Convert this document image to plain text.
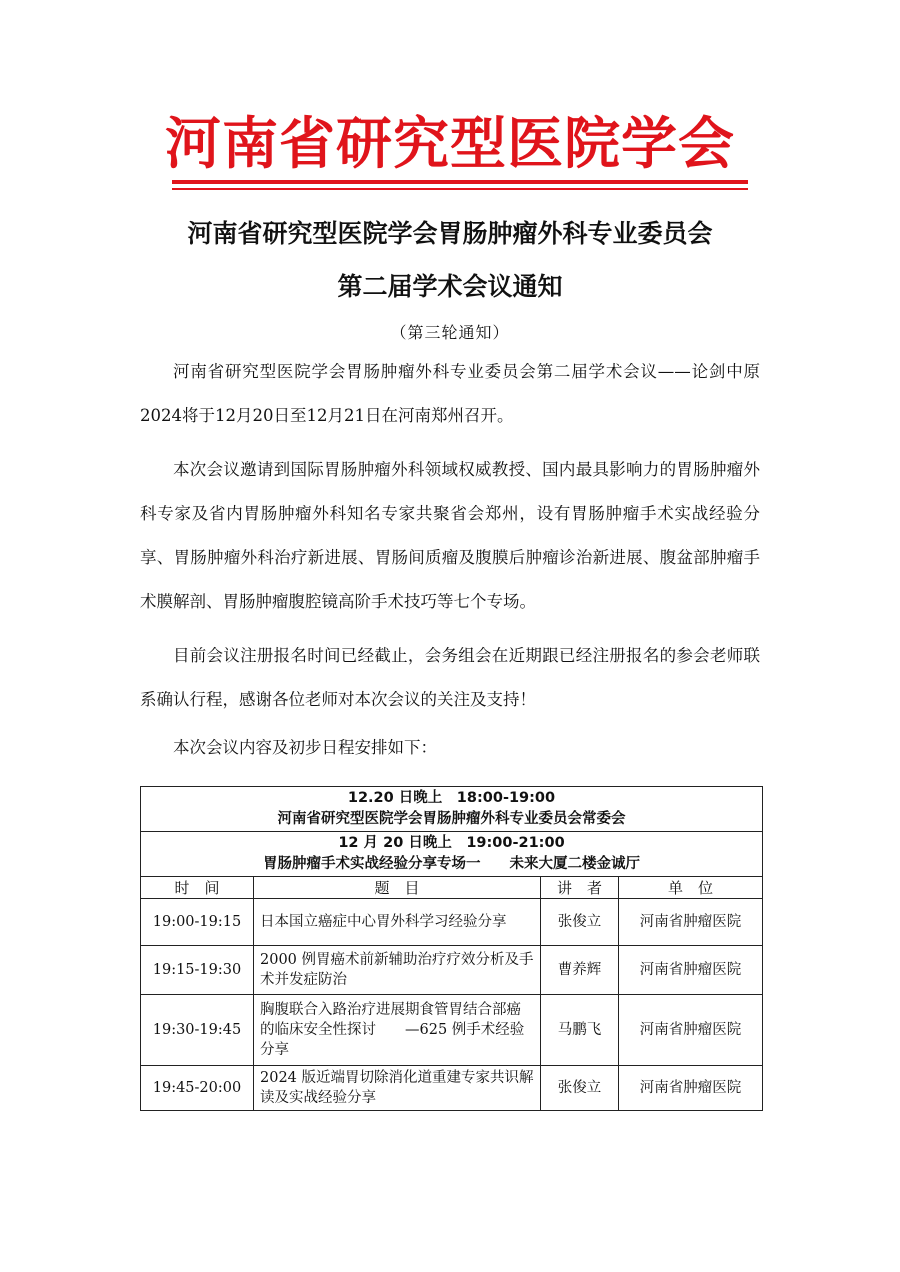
河南省研究型医院学会
河南省研究型医院学会胃肠肿瘤外科专业委员会
第二届学术会议通知
（第三轮通知）
河南省研究型医院学会胃肠肿瘤外科专业委员会第二届学术会议——论剑中原2024将于12月20日至12月21日在河南郑州召开。
本次会议邀请到国际胃肠肿瘤外科领域权威教授、国内最具影响力的胃肠肿瘤外科专家及省内胃肠肿瘤外科知名专家共聚省会郑州，设有胃肠肿瘤手术实战经验分享、胃肠肿瘤外科治疗新进展、胃肠间质瘤及腹膜后肿瘤诊治新进展、腹盆部肿瘤手术膜解剖、胃肠肿瘤腹腔镜高阶手术技巧等七个专场。
目前会议注册报名时间已经截止，会务组会在近期跟已经注册报名的参会老师联系确认行程，感谢各位老师对本次会议的关注及支持！
本次会议内容及初步日程安排如下：
12.20 日晚上　18:00-19:00
河南省研究型医院学会胃肠肿瘤外科专业委员会常委会			

12 月 20 日晚上　19:00-21:00
胃肠肿瘤手术实战经验分享专场一　　未来大厦二楼金诚厅			

时　间	题　目	讲　者	单　位
19:00-19:15	日本国立癌症中心胃外科学习经验分享	张俊立	河南省肿瘤医院
19:15-19:30	2000 例胃癌术前新辅助治疗疗效分析及手术并发症防治	曹养辉	河南省肿瘤医院
19:30-19:45	胸腹联合入路治疗进展期食管胃结合部癌的临床安全性探讨　　—625 例手术经验分享	马鹏飞	河南省肿瘤医院
19:45-20:00	2024 版近端胃切除消化道重建专家共识解读及实战经验分享	张俊立	河南省肿瘤医院
